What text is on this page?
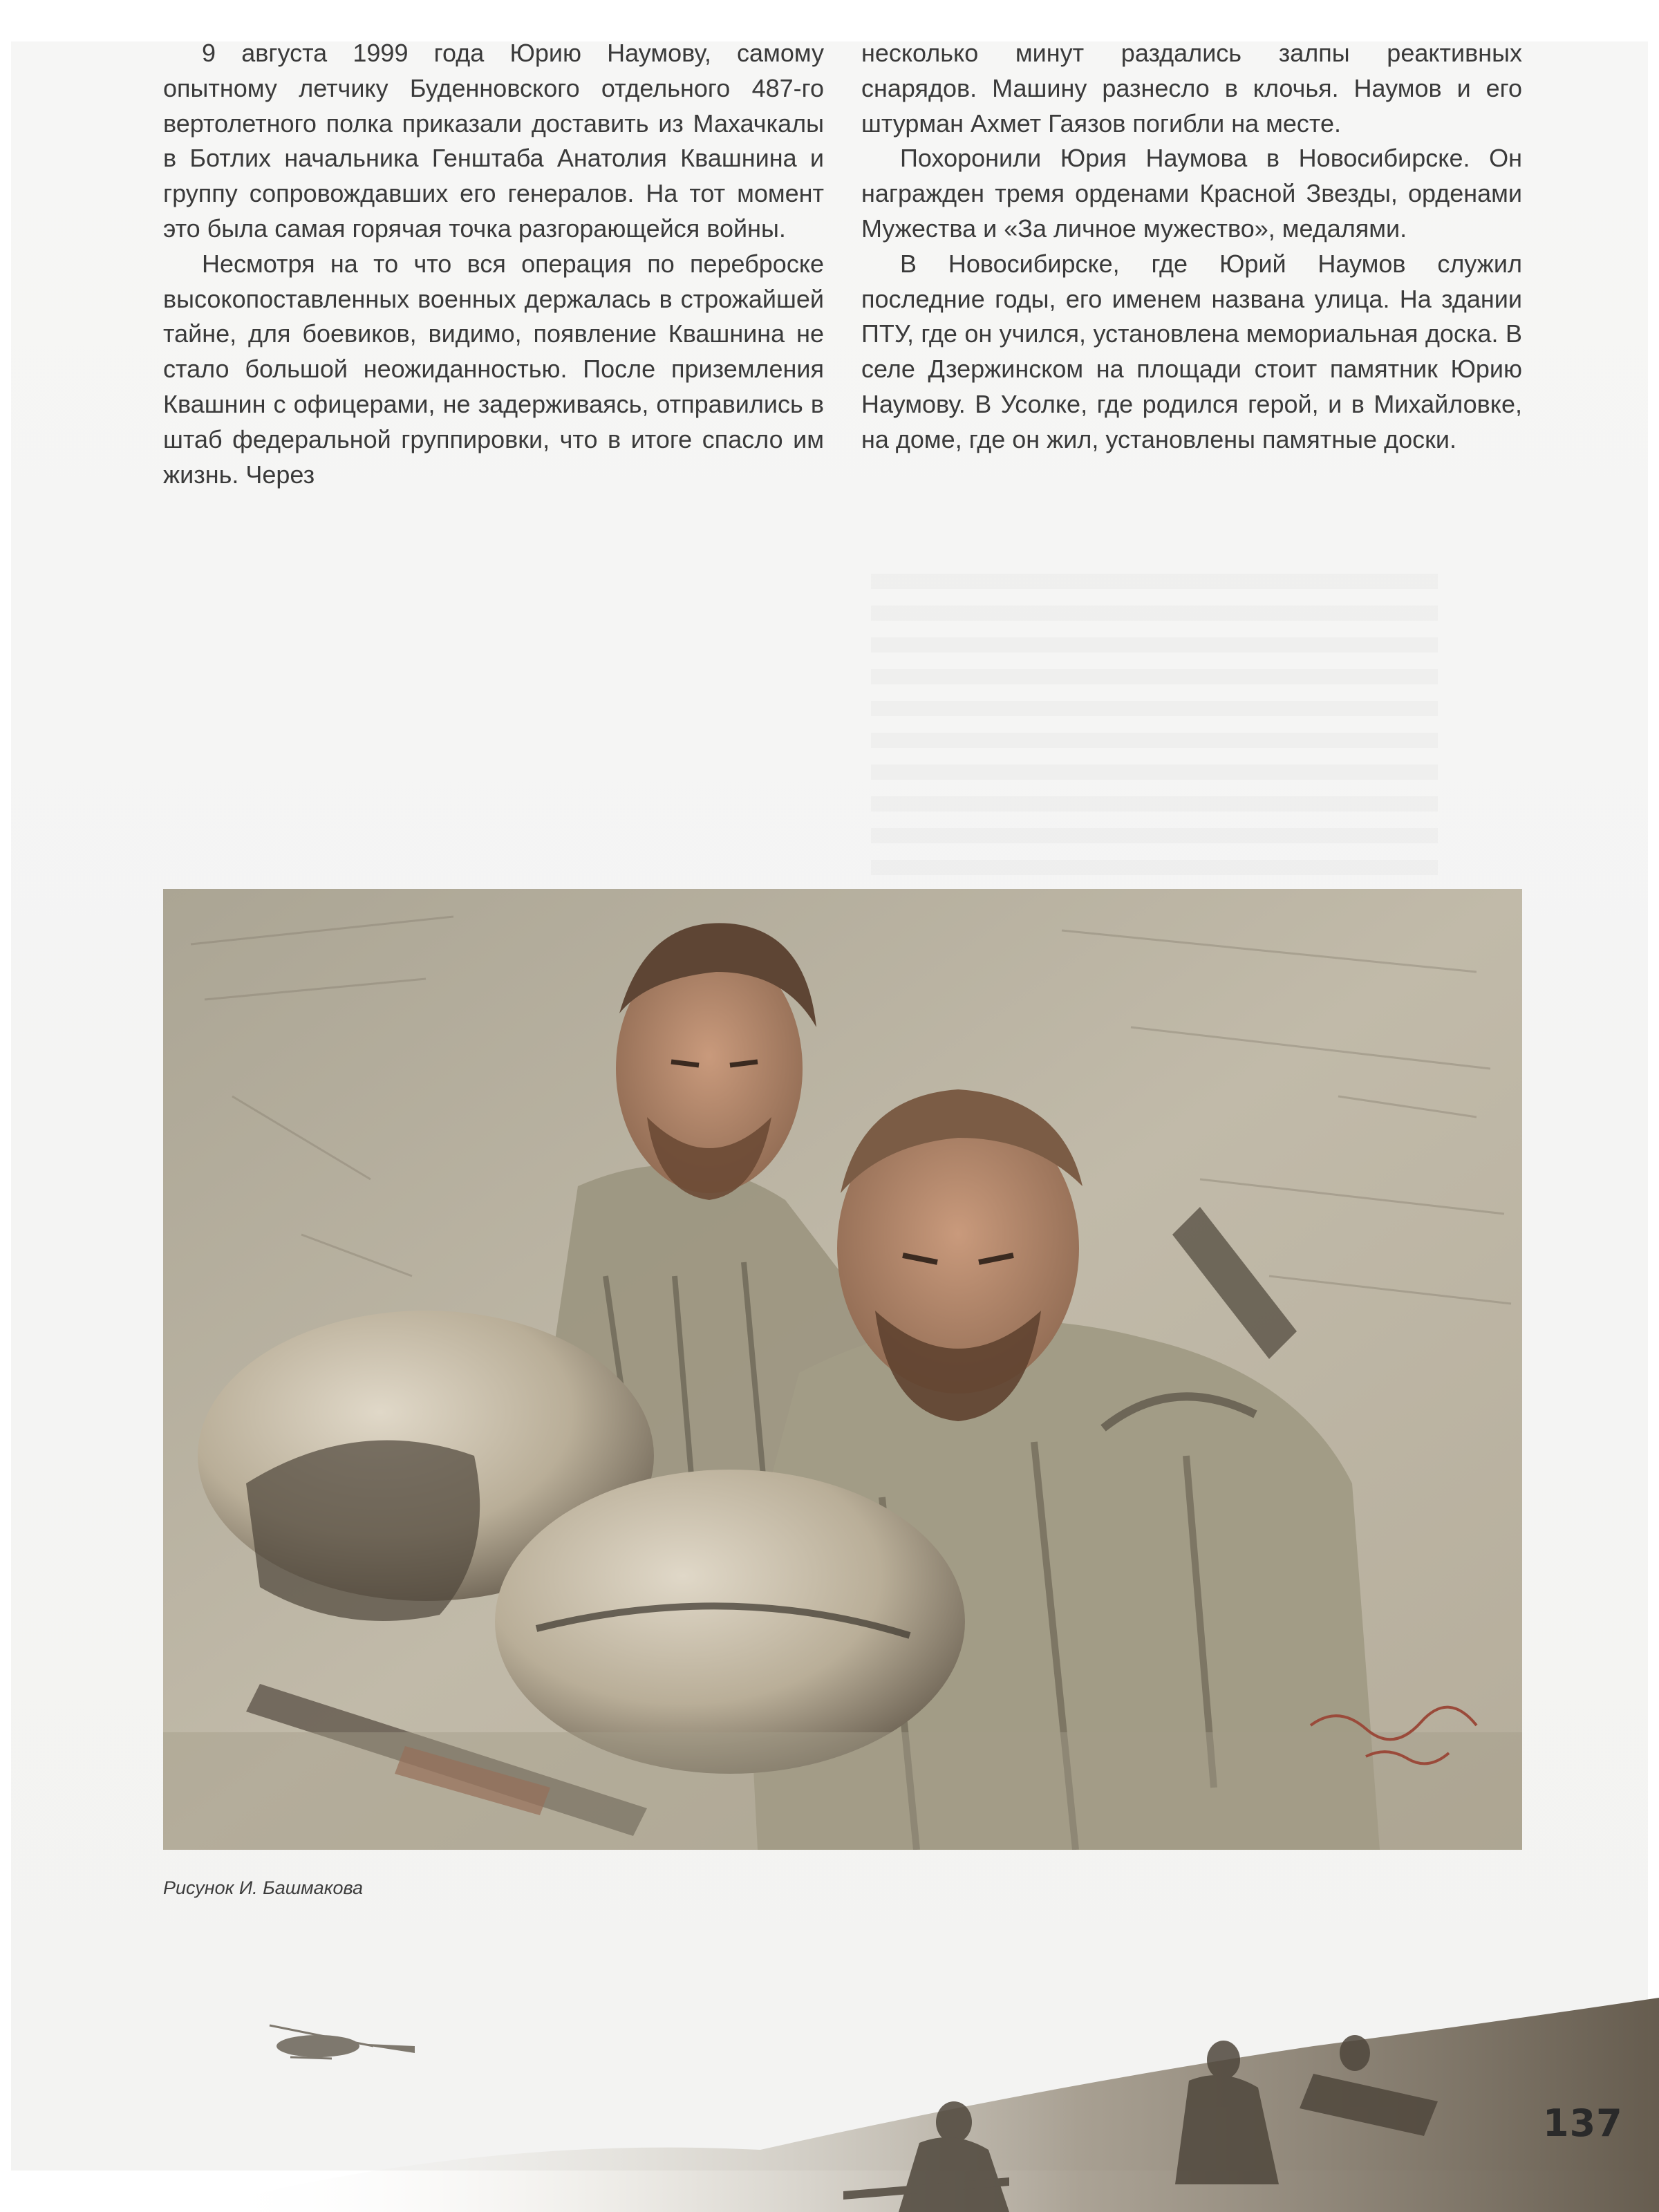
9 августа 1999 года Юрию Наумову, самому опытному летчику Буденновского отдельного 487-го вертолетного полка приказали доставить из Махачкалы в Ботлих начальника Генштаба Анатолия Квашнина и группу сопровождавших его генералов. На тот момент это была самая горячая точка разгорающейся войны.

Несмотря на то что вся операция по переброске высокопоставленных военных держалась в строжайшей тайне, для боевиков, видимо, появление Квашнина не стало большой неожиданностью. После приземления Квашнин с офицерами, не задерживаясь, отправились в штаб федеральной группировки, что в итоге спасло им жизнь. Через

несколько минут раздались залпы реактивных снарядов. Машину разнесло в клочья. Наумов и его штурман Ахмет Гаязов погибли на месте.

Похоронили Юрия Наумова в Новосибирске. Он награжден тремя орденами Красной Звезды, орденами Мужества и «За личное мужество», медалями.

В Новосибирске, где Юрий Наумов служил последние годы, его именем названа улица. На здании ПТУ, где он учился, установлена мемориальная доска. В селе Дзержинском на площади стоит памятник Юрию Наумову. В Усолке, где родился герой, и в Михайловке, на доме, где он жил, установлены памятные доски.

Рисунок И. Башмакова
137
